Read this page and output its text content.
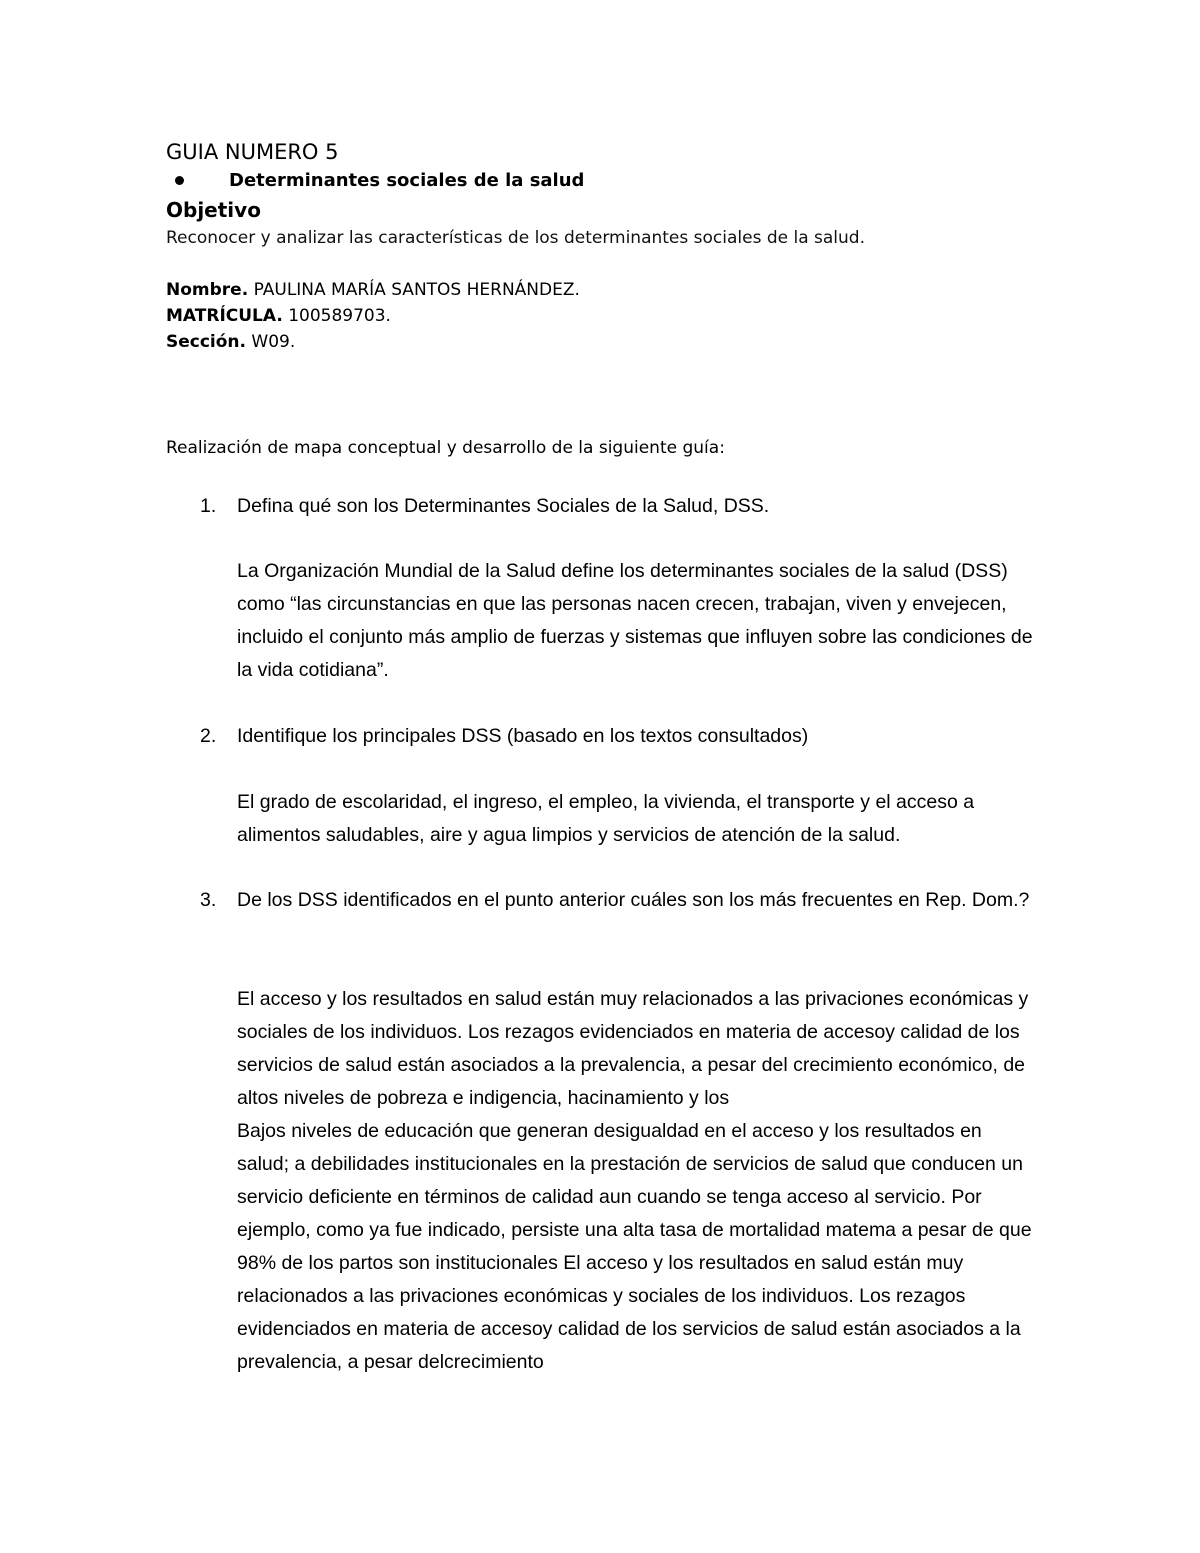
GUIA NUMERO 5
Determinantes sociales de la salud
Objetivo
Reconocer y analizar las características de los determinantes sociales de la salud.
Nombre. PAULINA MARÍA SANTOS HERNÁNDEZ.
MATRÍCULA. 100589703.
Sección. W09.
Realización de mapa conceptual y desarrollo de la siguiente guía:
1.	Defina qué son los Determinantes Sociales de la Salud, DSS.
La Organización Mundial de la Salud define los determinantes sociales de la salud (DSS) como “las circunstancias en que las personas nacen crecen, trabajan, viven y envejecen, incluido el conjunto más amplio de fuerzas y sistemas que influyen sobre las condiciones de la vida cotidiana”.
2.	Identifique los principales DSS (basado en los textos consultados)
El grado de escolaridad, el ingreso, el empleo, la vivienda, el transporte y el acceso a alimentos saludables, aire y agua limpios y servicios de atención de la salud.
3.	De los DSS identificados en el punto anterior cuáles son los más frecuentes en Rep. Dom.?

El acceso y los resultados en salud están muy relacionados a las privaciones económicas y sociales de los individuos. Los rezagos evidenciados en materia de accesoy calidad de los servicios de salud están asociados a la prevalencia, a pesar del crecimiento económico, de altos niveles de pobreza e indigencia, hacinamiento y los

Bajos niveles de educación que generan desigualdad en el acceso y los resultados en salud; a debilidades institucionales en la prestación de servicios de salud que conducen un servicio deficiente en términos de calidad aun cuando se tenga acceso al servicio. Por ejemplo, como ya fue indicado, persiste una alta tasa de mortalidad matema a pesar de que 98% de los partos son institucionales El acceso y los resultados en salud están muy relacionados a las privaciones económicas y sociales de los individuos. Los rezagos evidenciados en materia de accesoy calidad de los servicios de salud están asociados a la prevalencia, a pesar delcrecimiento
